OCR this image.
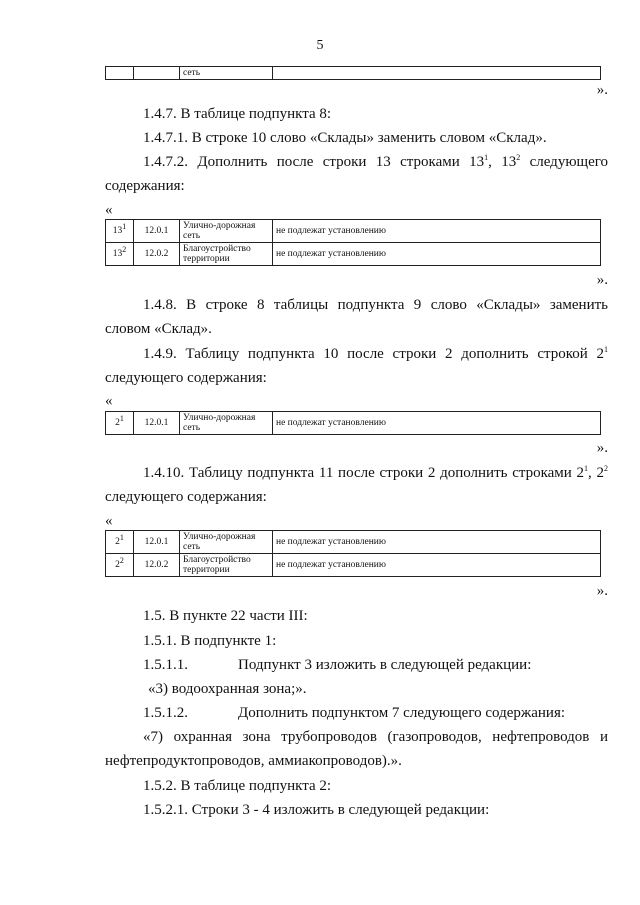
5
		сеть	
».
1.4.7. В таблице подпункта 8:
1.4.7.1. В строке 10 слово «Склады» заменить словом «Склад».
1.4.7.2. Дополнить после строки 13 строками $13^1$, $13^2$ следующего
содержания:
«
$13^1$	12.0.1	Улично-дорожная сеть	не подлежат установлению
$13^2$	12.0.2	Благоустройство территории	не подлежат установлению
».
1.4.8. В строке 8 таблицы подпункта 9 слово «Склады» заменить
словом «Склад».
1.4.9. Таблицу подпункта 10 после строки 2 дополнить строкой $2^1$
следующего содержания:
«
$2^1$	12.0.1	Улично-дорожная сеть	не подлежат установлению
».
1.4.10. Таблицу подпункта 11 после строки 2 дополнить строками $2^1$, $2^2$
следующего содержания:
«
$2^1$	12.0.1	Улично-дорожная сеть	не подлежат установлению
$2^2$	12.0.2	Благоустройство территории	не подлежат установлению
».
1.5. В пункте 22 части III:
1.5.1. В подпункте 1:
1.5.1.1.	Подпункт 3 изложить в следующей редакции:
«3) водоохранная зона;».
1.5.1.2.	Дополнить подпунктом 7 следующего содержания:
«7) охранная зона трубопроводов (газопроводов, нефтепроводов и
нефтепродуктопроводов, аммиакопроводов).».
1.5.2. В таблице подпункта 2:
1.5.2.1. Строки 3 - 4 изложить в следующей редакции:
